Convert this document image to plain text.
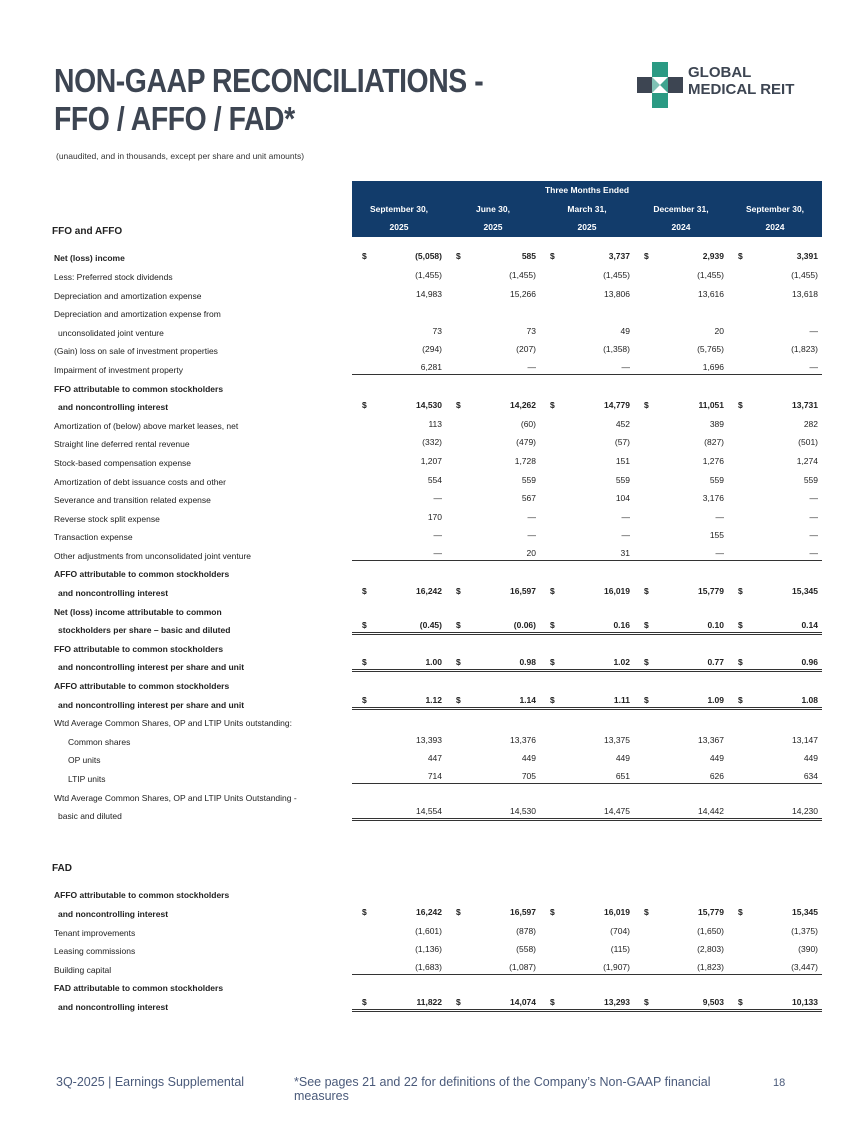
NON-GAAP RECONCILIATIONS -
FFO / AFFO / FAD*
(unaudited, and in thousands, except per share and unit amounts)
GLOBAL
MEDICAL REIT
	Three Months Ended				
	September 30,	June 30,	March 31,	December 31,	September 30,
FFO and AFFO	2025	2025	2025	2024	2024

Net (loss) income	$ (5,058)	$ 585	$ 3,737	$ 2,939	$ 3,391

Less: Preferred stock dividends	(1,455)	(1,455)	(1,455)	(1,455)	(1,455)

Depreciation and amortization expense	14,983	15,266	13,806	13,616	13,618

Depreciation and amortization expense from					
unconsolidated joint venture	73	73	49	20	—

(Gain) loss on sale of investment properties	(294)	(207)	(1,358)	(5,765)	(1,823)

Impairment of investment property	6,281	—	—	1,696	—

FFO attributable to common stockholders					
and noncontrolling interest	$ 14,530	$ 14,262	$ 14,779	$ 11,051	$ 13,731

Amortization of (below) above market leases, net	113	(60)	452	389	282

Straight line deferred rental revenue	(332)	(479)	(57)	(827)	(501)

Stock-based compensation expense	1,207	1,728	151	1,276	1,274

Amortization of debt issuance costs and other	554	559	559	559	559

Severance and transition related expense	—	567	104	3,176	—

Reverse stock split expense	170	—	—	—	—

Transaction expense	—	—	—	155	—

Other adjustments from unconsolidated joint venture	—	20	31	—	—

AFFO attributable to common stockholders					
and noncontrolling interest	$ 16,242	$ 16,597	$ 16,019	$ 15,779	$ 15,345

Net (loss) income attributable to common					
stockholders per share – basic and diluted	$ (0.45)	$ (0.06)	$ 0.16	$ 0.10	$ 0.14

FFO attributable to common stockholders					
and noncontrolling interest per share and unit	$ 1.00	$ 0.98	$ 1.02	$ 0.77	$ 0.96

AFFO attributable to common stockholders					
and noncontrolling interest per share and unit	$ 1.12	$ 1.14	$ 1.11	$ 1.09	$ 1.08

Wtd Average Common Shares, OP and LTIP Units outstanding:					
Common shares	13,393	13,376	13,375	13,367	13,147

OP units	447	449	449	449	449

LTIP units	714	705	651	626	634

Wtd Average Common Shares, OP and LTIP Units Outstanding -					
basic and diluted	14,554	14,530	14,475	14,442	14,230

FAD					

AFFO attributable to common stockholders					
and noncontrolling interest	$ 16,242	$ 16,597	$ 16,019	$ 15,779	$ 15,345

Tenant improvements	(1,601)	(878)	(704)	(1,650)	(1,375)

Leasing commissions	(1,136)	(558)	(115)	(2,803)	(390)

Building capital	(1,683)	(1,087)	(1,907)	(1,823)	(3,447)

FAD attributable to common stockholders					
and noncontrolling interest	$ 11,822	$ 14,074	$ 13,293	$ 9,503	$ 10,133
3Q-2025 | Earnings Supplemental	*See pages 21 and 22 for definitions of the Company’s Non-GAAP financial measures
18
